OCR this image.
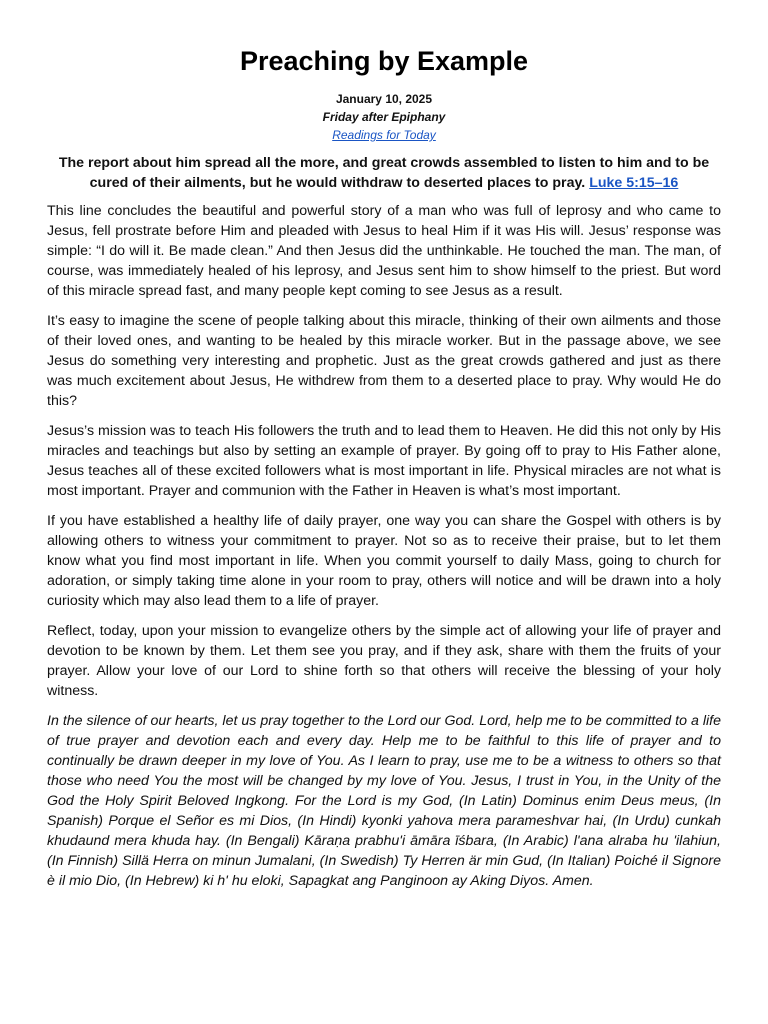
Preaching by Example
January 10, 2025
Friday after Epiphany
Readings for Today
The report about him spread all the more, and great crowds assembled to listen to him and to be cured of their ailments, but he would withdraw to deserted places to pray. Luke 5:15–16

This line concludes the beautiful and powerful story of a man who was full of leprosy and who came to Jesus, fell prostrate before Him and pleaded with Jesus to heal Him if it was His will. Jesus’ response was simple: “I do will it. Be made clean.” And then Jesus did the unthinkable. He touched the man. The man, of course, was immediately healed of his leprosy, and Jesus sent him to show himself to the priest. But word of this miracle spread fast, and many people kept coming to see Jesus as a result.

It’s easy to imagine the scene of people talking about this miracle, thinking of their own ailments and those of their loved ones, and wanting to be healed by this miracle worker. But in the passage above, we see Jesus do something very interesting and prophetic. Just as the great crowds gathered and just as there was much excitement about Jesus, He withdrew from them to a deserted place to pray. Why would He do this?

Jesus’s mission was to teach His followers the truth and to lead them to Heaven. He did this not only by His miracles and teachings but also by setting an example of prayer. By going off to pray to His Father alone, Jesus teaches all of these excited followers what is most important in life. Physical miracles are not what is most important. Prayer and communion with the Father in Heaven is what’s most important.

If you have established a healthy life of daily prayer, one way you can share the Gospel with others is by allowing others to witness your commitment to prayer. Not so as to receive their praise, but to let them know what you find most important in life. When you commit yourself to daily Mass, going to church for adoration, or simply taking time alone in your room to pray, others will notice and will be drawn into a holy curiosity which may also lead them to a life of prayer.

Reflect, today, upon your mission to evangelize others by the simple act of allowing your life of prayer and devotion to be known by them. Let them see you pray, and if they ask, share with them the fruits of your prayer. Allow your love of our Lord to shine forth so that others will receive the blessing of your holy witness.

In the silence of our hearts, let us pray together to the Lord our God. Lord, help me to be committed to a life of true prayer and devotion each and every day. Help me to be faithful to this life of prayer and to continually be drawn deeper in my love of You. As I learn to pray, use me to be a witness to others so that those who need You the most will be changed by my love of You. Jesus, I trust in You, in the Unity of the God the Holy Spirit Beloved Ingkong. For the Lord is my God, (In Latin) Dominus enim Deus meus, (In Spanish) Porque el Señor es mi Dios, (In Hindi) kyonki yahova mera parameshvar hai, (In Urdu) cunkah khudaund mera khuda hay. (In Bengali) Kāraṇa prabhu'i āmāra īśbara, (In Arabic) l'ana alraba hu 'ilahiun, (In Finnish) Sillä Herra on minun Jumalani, (In Swedish) Ty Herren är min Gud, (In Italian) Poiché il Signore è il mio Dio, (In Hebrew) ki h' hu eloki, Sapagkat ang Panginoon ay Aking Diyos. Amen.
